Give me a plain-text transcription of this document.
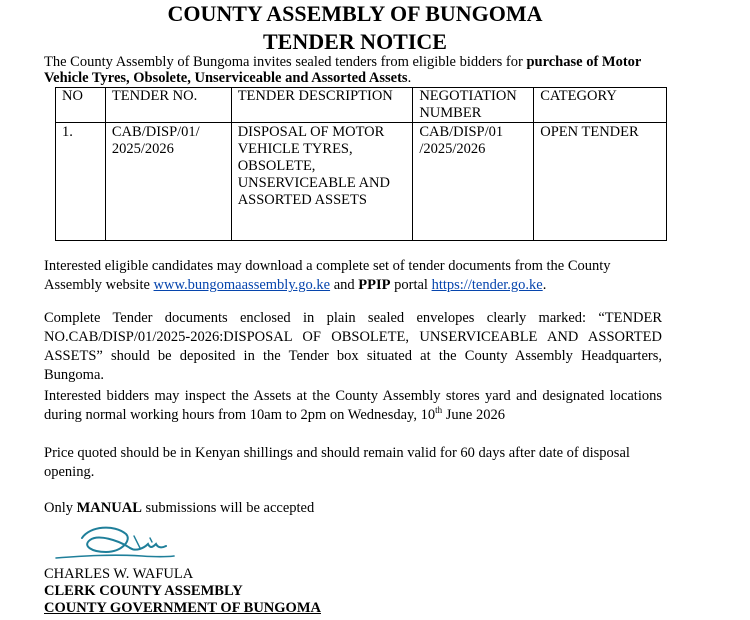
COUNTY ASSEMBLY OF BUNGOMA
TENDER NOTICE
The County Assembly of Bungoma invites sealed tenders from eligible bidders for purchase of Motor Vehicle Tyres, Obsolete, Unserviceable and Assorted Assets.
NO	TENDER NO.	TENDER DESCRIPTION	NEGOTIATION NUMBER	CATEGORY
1.	CAB/DISP/01/ 2025/2026	DISPOSAL OF MOTOR VEHICLE TYRES, OBSOLETE, UNSERVICEABLE AND ASSORTED ASSETS	CAB/DISP/01 /2025/2026	OPEN TENDER

Interested eligible candidates may download a complete set of tender documents from the County Assembly website www.bungomaassembly.go.ke and PPIP portal https://tender.go.ke.

Complete Tender documents enclosed in plain sealed envelopes clearly marked: “TENDER NO.CAB/DISP/01/2025-2026:DISPOSAL OF OBSOLETE, UNSERVICEABLE AND ASSORTED ASSETS” should be deposited in the Tender box situated at the County Assembly Headquarters, Bungoma.

Interested bidders may inspect the Assets at the County Assembly stores yard and designated locations during normal working hours from 10am to 2pm on Wednesday, 10th June 2026

Price quoted should be in Kenyan shillings and should remain valid for 60 days after date of disposal opening.

Only MANUAL submissions will be accepted

CHARLES W. WAFULA
CLERK COUNTY ASSEMBLY
COUNTY GOVERNMENT OF BUNGOMA
